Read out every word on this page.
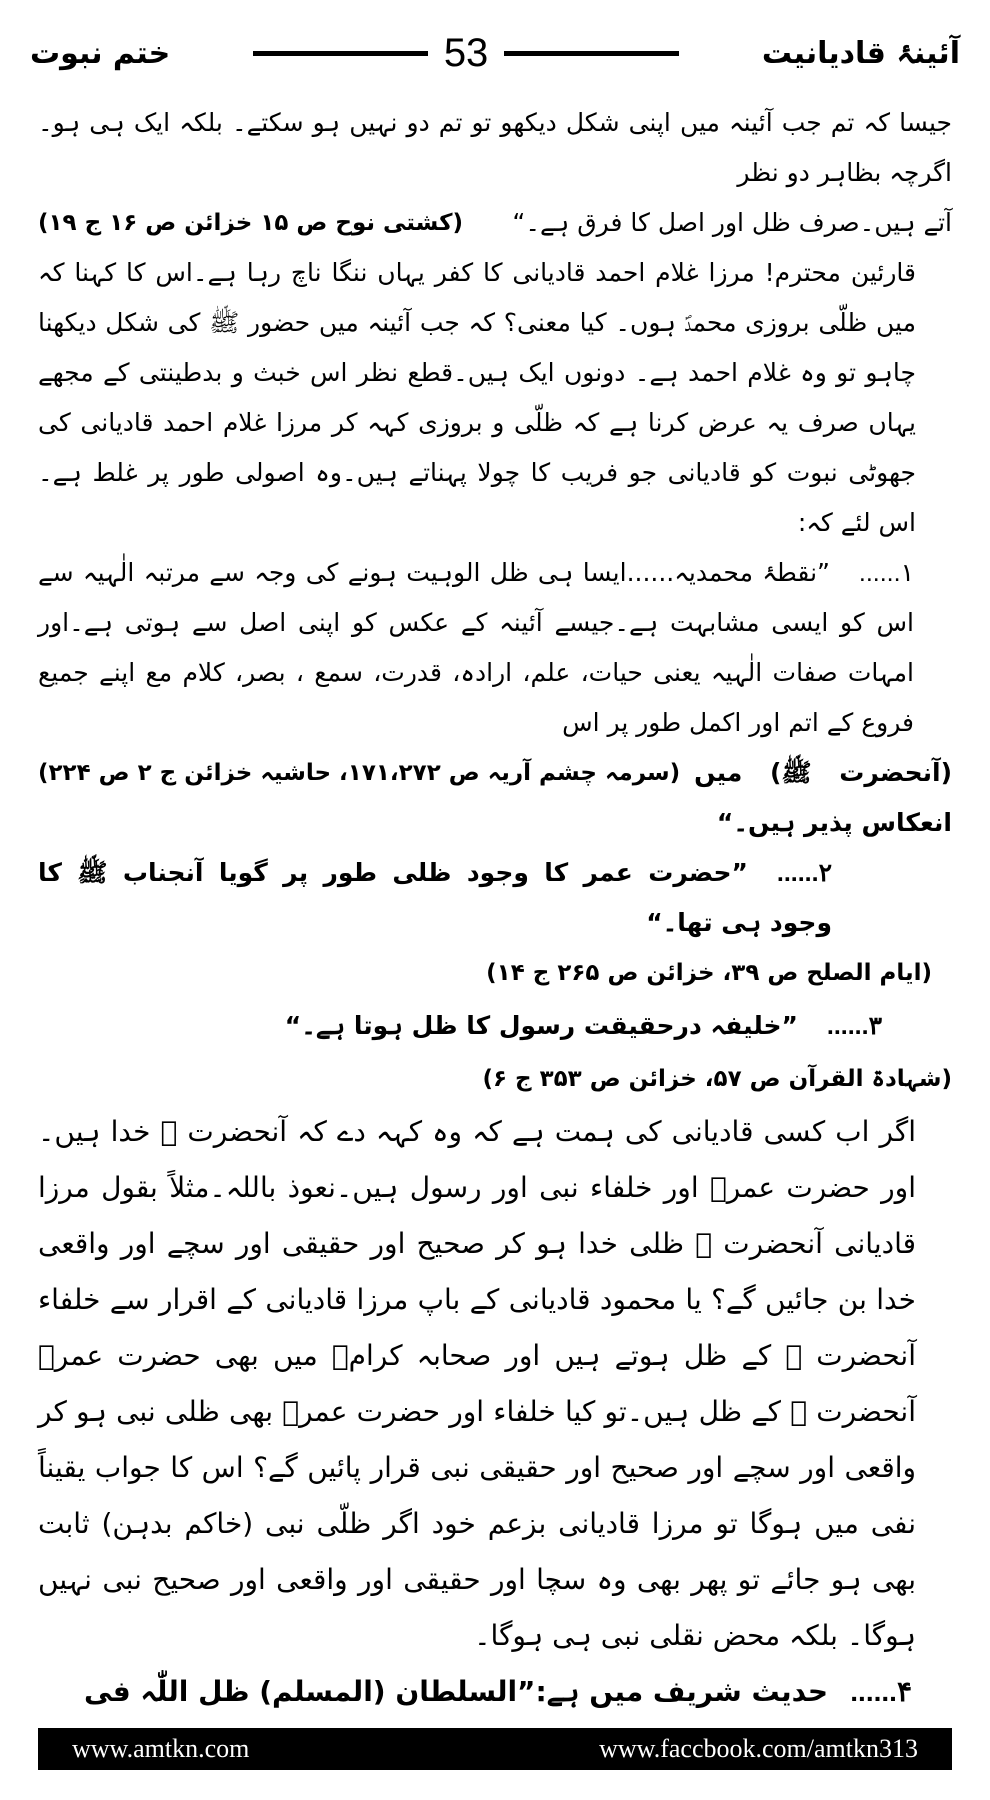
ختم نبوت	53	آئینۂ قادیانیت

جیسا کہ تم جب آئینہ میں اپنی شکل دیکھو تو تم دو نہیں ہو سکتے۔ بلکہ ایک ہی ہو۔ اگرچہ بظاہر دو نظر

آتے ہیں۔صرف ظل اور اصل کا فرق ہے۔“
(کشتی نوح ص ۱۵ خزائن ص ۱۶ ج ۱۹)

قارئین محترم! مرزا غلام احمد قادیانی کا کفر یہاں ننگا ناچ رہا ہے۔اس کا کہنا کہ میں ظلّی بروزی محمدؐ ہوں۔ کیا معنی؟ کہ جب آئینہ میں حضور ﷺ کی شکل دیکھنا چاہو تو وہ غلام احمد ہے۔ دونوں ایک ہیں۔قطع نظر اس خبث و بدطینتی کے مجھے یہاں صرف یہ عرض کرنا ہے کہ ظلّی و بروزی کہہ کر مرزا غلام احمد قادیانی کی جھوٹی نبوت کو قادیانی جو فریب کا چولا پہناتے ہیں۔وہ اصولی طور پر غلط ہے۔اس لئے کہ:

۱......”نقطۂ محمدیہ......ایسا ہی ظل الوہیت ہونے کی وجہ سے مرتبہ الٰہیہ سے اس کو ایسی مشابہت ہے۔جیسے آئینہ کے عکس کو اپنی اصل سے ہوتی ہے۔اور امہات صفات الٰہیہ یعنی حیات، علم، ارادہ، قدرت، سمع ، بصر، کلام مع اپنے جمیع فروع کے اتم اور اکمل طور پر اس

(آنحضرت ﷺ) میں انعکاس پذیر ہیں۔“
(سرمہ چشم آریہ ص ۱۷۱،۲۷۲، حاشیہ خزائن ج ۲ ص ۲۲۴)

۲......”حضرت عمر کا وجود ظلی طور پر گویا آنجناب ﷺ کا وجود ہی تھا۔“

(ایام الصلح ص ۳۹، خزائن ص ۲۶۵ ج ۱۴)

۳......”خلیفہ درحقیقت رسول کا ظل ہوتا ہے۔“

(شہادۃ القرآن ص ۵۷، خزائن ص ۳۵۳ ج ۶)

اگر اب کسی قادیانی کی ہمت ہے کہ وہ کہہ دے کہ آنحضرت ﷺ خدا ہیں۔ اور حضرت عمرؓ اور خلفاء نبی اور رسول ہیں۔نعوذ باللہ۔مثلاً بقول مرزا قادیانی آنحضرت ﷺ ظلی خدا ہو کر صحیح اور حقیقی اور سچے اور واقعی خدا بن جائیں گے؟ یا محمود قادیانی کے باپ مرزا قادیانی کے اقرار سے خلفاء آنحضرت ﷺ کے ظل ہوتے ہیں اور صحابہ کرامؓ میں بھی حضرت عمرؓ آنحضرت ﷺ کے ظل ہیں۔تو کیا خلفاء اور حضرت عمرؓ بھی ظلی نبی ہو کر واقعی اور سچے اور صحیح اور حقیقی نبی قرار پائیں گے؟ اس کا جواب یقیناً نفی میں ہوگا تو مرزا قادیانی بزعم خود اگر ظلّی نبی (خاکم بدہن) ثابت بھی ہو جائے تو پھر بھی وہ سچا اور حقیقی اور واقعی اور صحیح نبی نہیں ہوگا۔ بلکہ محض نقلی نبی ہی ہوگا۔

۴......حدیث شریف میں ہے:”السلطان (المسلم) ظل اللّٰہ فی

www.amtkn.com	www.faccbook.com/amtkn313
